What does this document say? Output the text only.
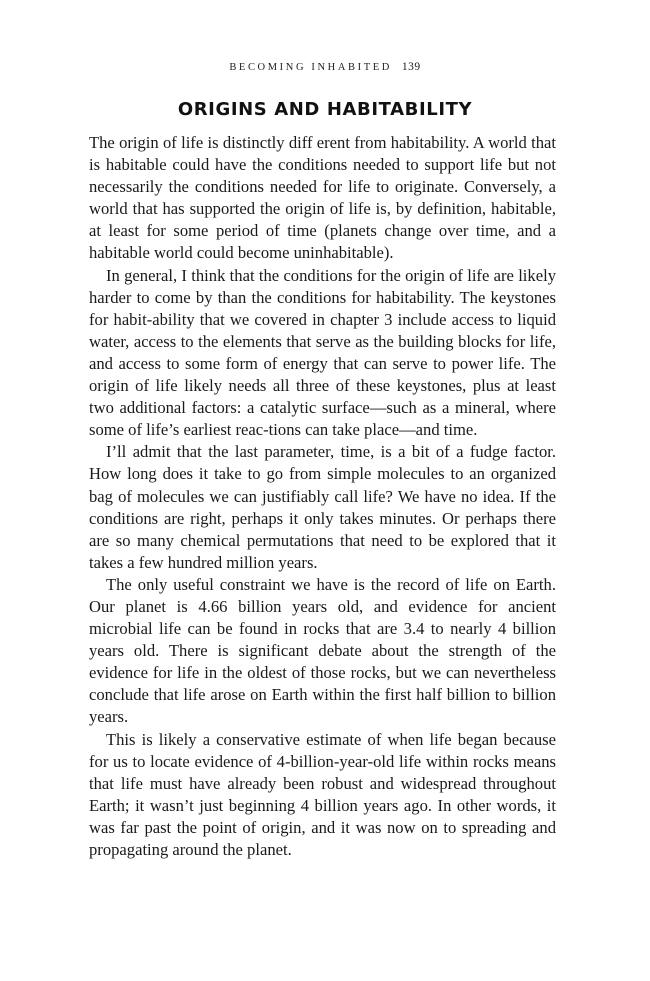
BECOMING INHABITED 139
ORIGINS AND HABITABILITY

The origin of life is distinctly diff erent from habitability. A world that is habitable could have the conditions needed to support life but not necessarily the conditions needed for life to originate. Conversely, a world that has supported the origin of life is, by definition, habitable, at least for some period of time (planets change over time, and a habitable world could become uninhabitable).

In general, I think that the conditions for the origin of life are likely harder to come by than the conditions for habitability. The keystones for habit-ability that we covered in chapter 3 include access to liquid water, access to the elements that serve as the building blocks for life, and access to some form of energy that can serve to power life. The origin of life likely needs all three of these keystones, plus at least two additional factors: a catalytic surface—such as a mineral, where some of life’s earliest reac-tions can take place—and time.

I’ll admit that the last parameter, time, is a bit of a fudge factor. How long does it take to go from simple molecules to an organized bag of molecules we can justifiably call life? We have no idea. If the conditions are right, perhaps it only takes minutes. Or perhaps there are so many chemical permutations that need to be explored that it takes a few hundred million years.

The only useful constraint we have is the record of life on Earth. Our planet is 4.66 billion years old, and evidence for ancient microbial life can be found in rocks that are 3.4 to nearly 4 billion years old. There is significant debate about the strength of the evidence for life in the oldest of those rocks, but we can nevertheless conclude that life arose on Earth within the first half billion to billion years.

This is likely a conservative estimate of when life began because for us to locate evidence of 4-billion-year-old life within rocks means that life must have already been robust and widespread throughout Earth; it wasn’t just beginning 4 billion years ago. In other words, it was far past the point of origin, and it was now on to spreading and propagating around the planet.
